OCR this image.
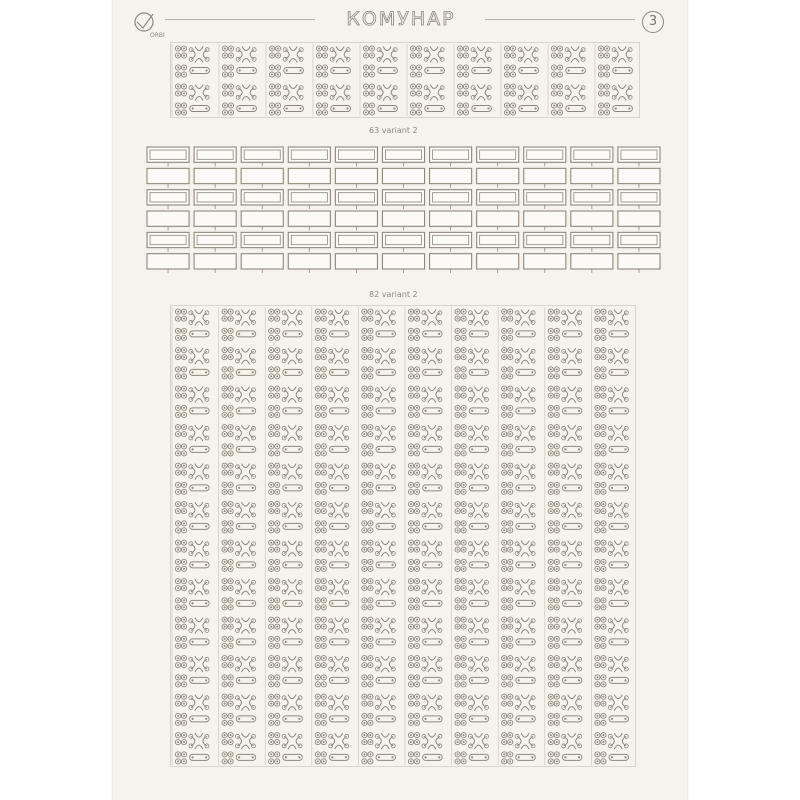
ORBI
КОМУНАР	3
63 variant 2
82 variant 2
